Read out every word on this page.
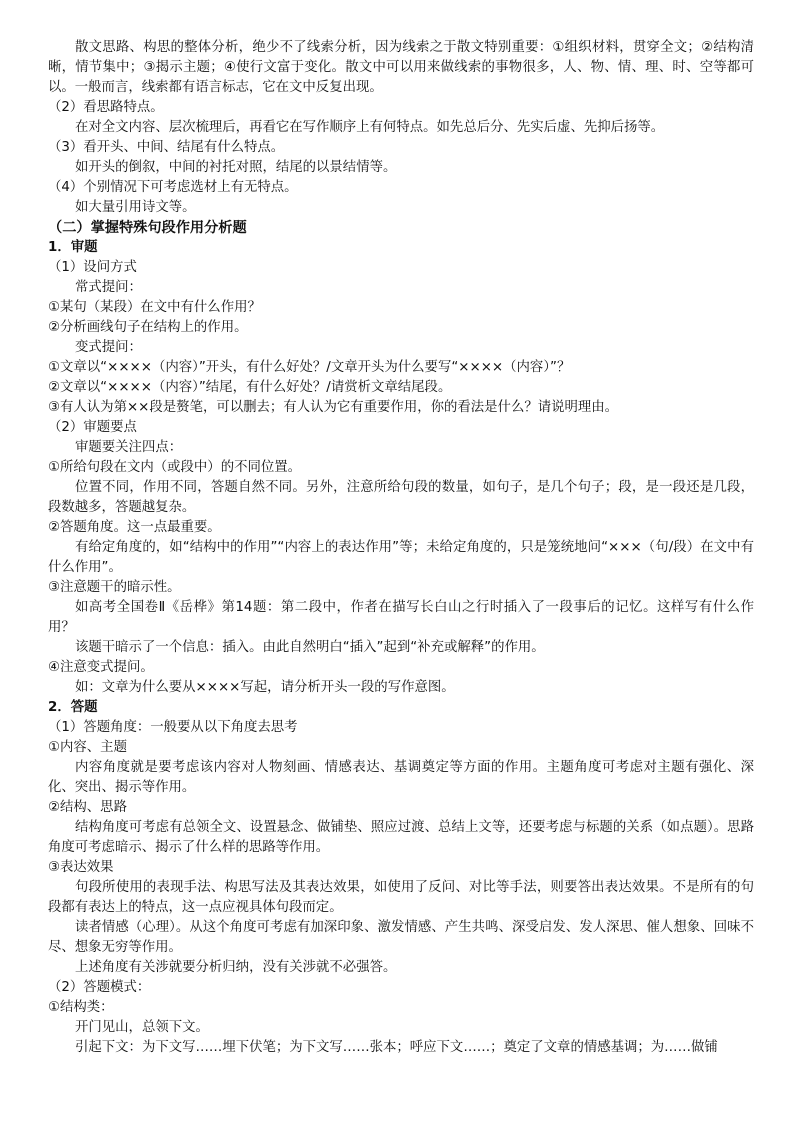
散文思路、构思的整体分析，绝少不了线索分析，因为线索之于散文特别重要：①组织材料，贯穿全文；②结构清晰，情节集中；③揭示主题；④使行文富于变化。散文中可以用来做线索的事物很多，人、物、情、理、时、空等都可以。一般而言，线索都有语言标志，它在文中反复出现。

（2）看思路特点。

在对全文内容、层次梳理后，再看它在写作顺序上有何特点。如先总后分、先实后虚、先抑后扬等。

（3）看开头、中间、结尾有什么特点。

如开头的倒叙，中间的衬托对照，结尾的以景结情等。

（4）个别情况下可考虑选材上有无特点。

如大量引用诗文等。

（二）掌握特殊句段作用分析题

1．审题

（1）设问方式

常式提问：

①某句（某段）在文中有什么作用？

②分析画线句子在结构上的作用。

变式提问：

①文章以“××××（内容）”开头，有什么好处？/文章开头为什么要写“××××（内容）”？

②文章以“××××（内容）”结尾，有什么好处？/请赏析文章结尾段。

③有人认为第××段是赘笔，可以删去；有人认为它有重要作用，你的看法是什么？请说明理由。

（2）审题要点

审题要关注四点：

①所给句段在文内（或段中）的不同位置。

位置不同，作用不同，答题自然不同。另外，注意所给句段的数量，如句子，是几个句子；段，是一段还是几段，段数越多，答题越复杂。

②答题角度。这一点最重要。

有给定角度的，如“结构中的作用”“内容上的表达作用”等；未给定角度的，只是笼统地问“×××（句/段）在文中有什么作用”。

③注意题干的暗示性。

如高考全国卷Ⅱ《岳桦》第14题：第二段中，作者在描写长白山之行时插入了一段事后的记忆。这样写有什么作用？

该题干暗示了一个信息：插入。由此自然明白“插入”起到“补充或解释”的作用。

④注意变式提问。

如：文章为什么要从××××写起，请分析开头一段的写作意图。

2．答题

（1）答题角度：一般要从以下角度去思考

①内容、主题

内容角度就是要考虑该内容对人物刻画、情感表达、基调奠定等方面的作用。主题角度可考虑对主题有强化、深化、突出、揭示等作用。

②结构、思路

结构角度可考虑有总领全文、设置悬念、做铺垫、照应过渡、总结上文等，还要考虑与标题的关系（如点题）。思路角度可考虑暗示、揭示了什么样的思路等作用。

③表达效果

句段所使用的表现手法、构思写法及其表达效果，如使用了反问、对比等手法，则要答出表达效果。不是所有的句段都有表达上的特点，这一点应视具体句段而定。

读者情感（心理）。从这个角度可考虑有加深印象、激发情感、产生共鸣、深受启发、发人深思、催人想象、回味不尽、想象无穷等作用。

上述角度有关涉就要分析归纳，没有关涉就不必强答。

（2）答题模式：

①结构类：

开门见山，总领下文。

引起下文：为下文写……埋下伏笔；为下文写……张本；呼应下文……；奠定了文章的情感基调；为……做铺
